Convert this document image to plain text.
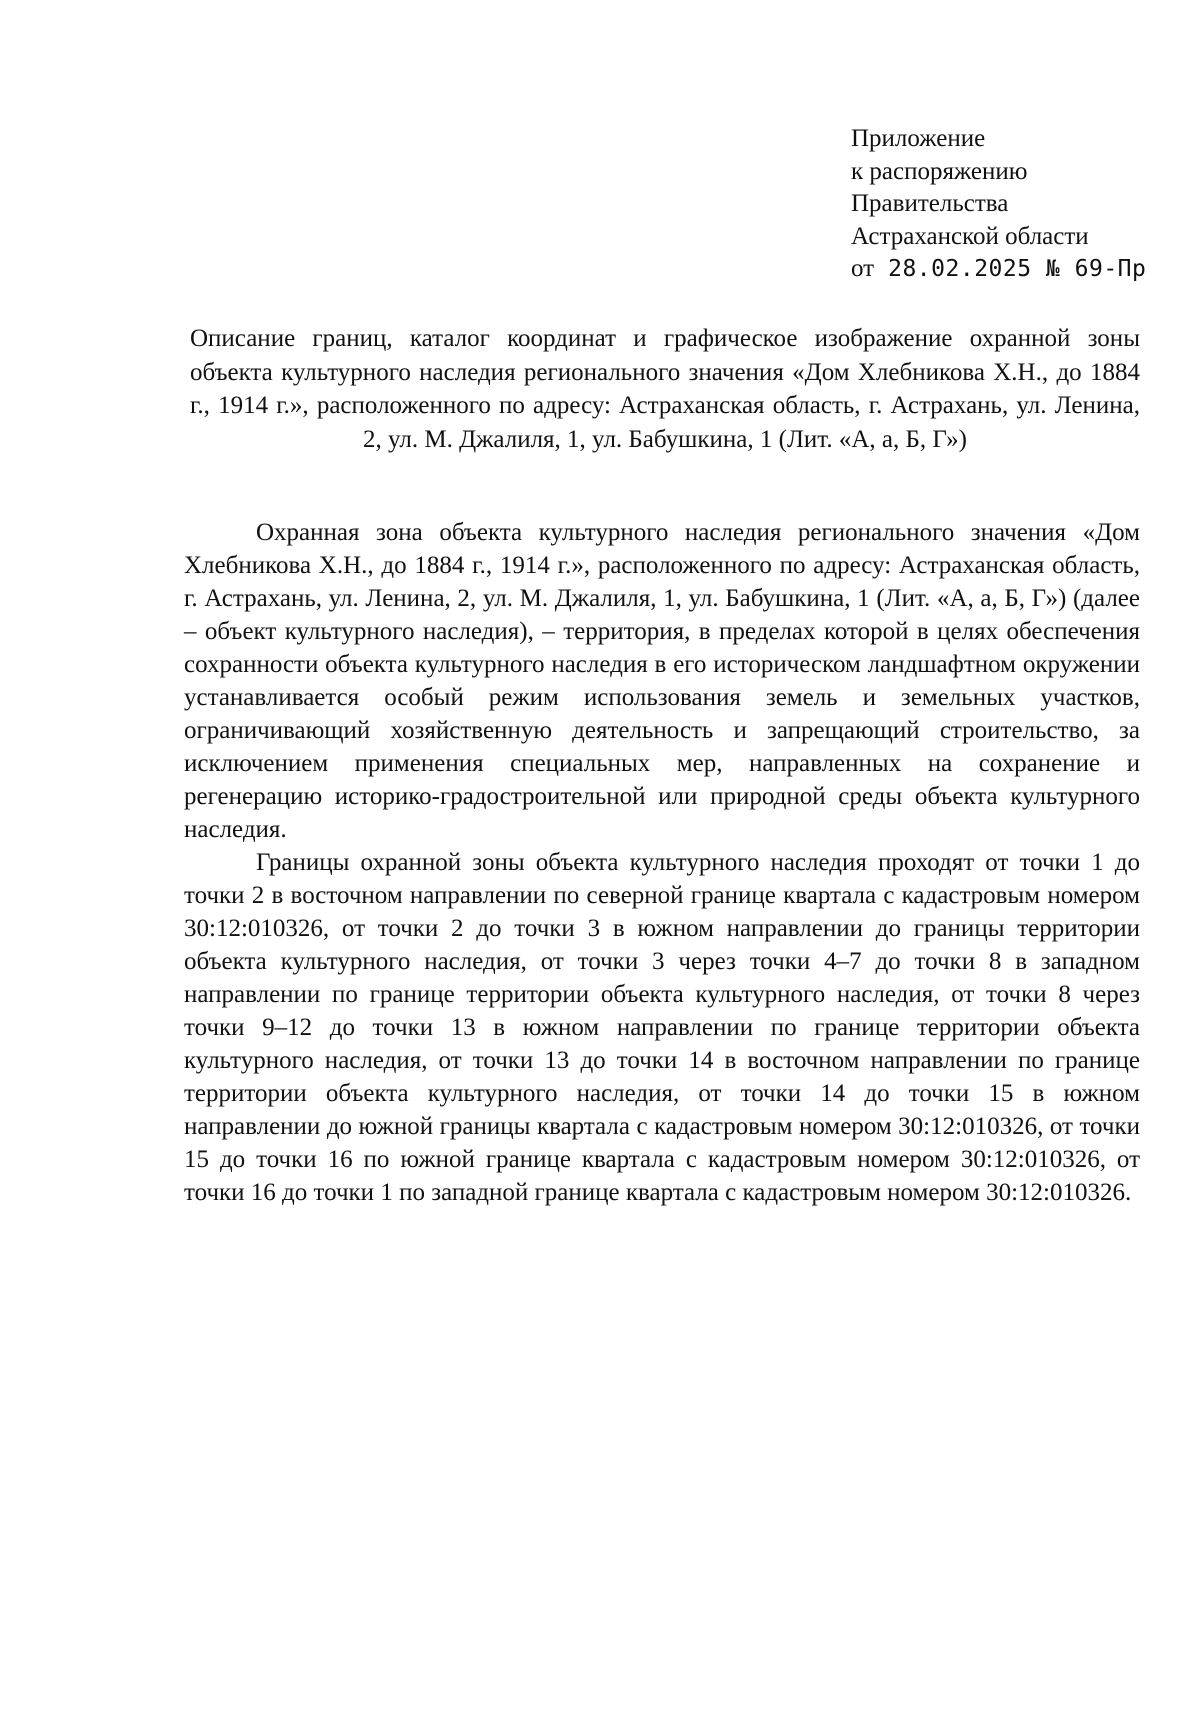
Приложение
к распоряжению
Правительства
Астраханской области
от 28.02.2025 № 69-Пр
Описание границ, каталог координат и графическое изображение охранной зоны объекта культурного наследия регионального значения «Дом Хлебникова Х.Н., до 1884 г., 1914 г.», расположенного по адресу: Астраханская область, г. Астрахань, ул. Ленина, 2, ул. М. Джалиля, 1, ул. Бабушкина, 1 (Лит. «А, а, Б, Г»)

Охранная зона объекта культурного наследия регионального значения «Дом Хлебникова Х.Н., до 1884 г., 1914 г.», расположенного по адресу: Астраханская область, г. Астрахань, ул. Ленина, 2, ул. М. Джалиля, 1, ул. Бабушкина, 1 (Лит. «А, а, Б, Г») (далее – объект культурного наследия), – территория, в пределах которой в целях обеспечения сохранности объекта культурного наследия в его историческом ландшафтном окружении устанавливается особый режим использования земель и земельных участков, ограничивающий хозяйственную деятельность и запрещающий строительство, за исключением применения специальных мер, направленных на сохранение и регенерацию историко-градостроительной или природной среды объекта культурного наследия.

Границы охранной зоны объекта культурного наследия проходят от точки 1 до точки 2 в восточном направлении по северной границе квартала с кадастровым номером 30:12:010326, от точки 2 до точки 3 в южном направлении до границы территории объекта культурного наследия, от точки 3 через точки 4–7 до точки 8 в западном направлении по границе территории объекта культурного наследия, от точки 8 через точки 9–12 до точки 13 в южном направлении по границе территории объекта культурного наследия, от точки 13 до точки 14 в восточном направлении по границе территории объекта культурного наследия, от точки 14 до точки 15 в южном направлении до южной границы квартала с кадастровым номером 30:12:010326, от точки 15 до точки 16 по южной границе квартала с кадастровым номером 30:12:010326, от точки 16 до точки 1 по западной границе квартала с кадастровым номером 30:12:010326.
